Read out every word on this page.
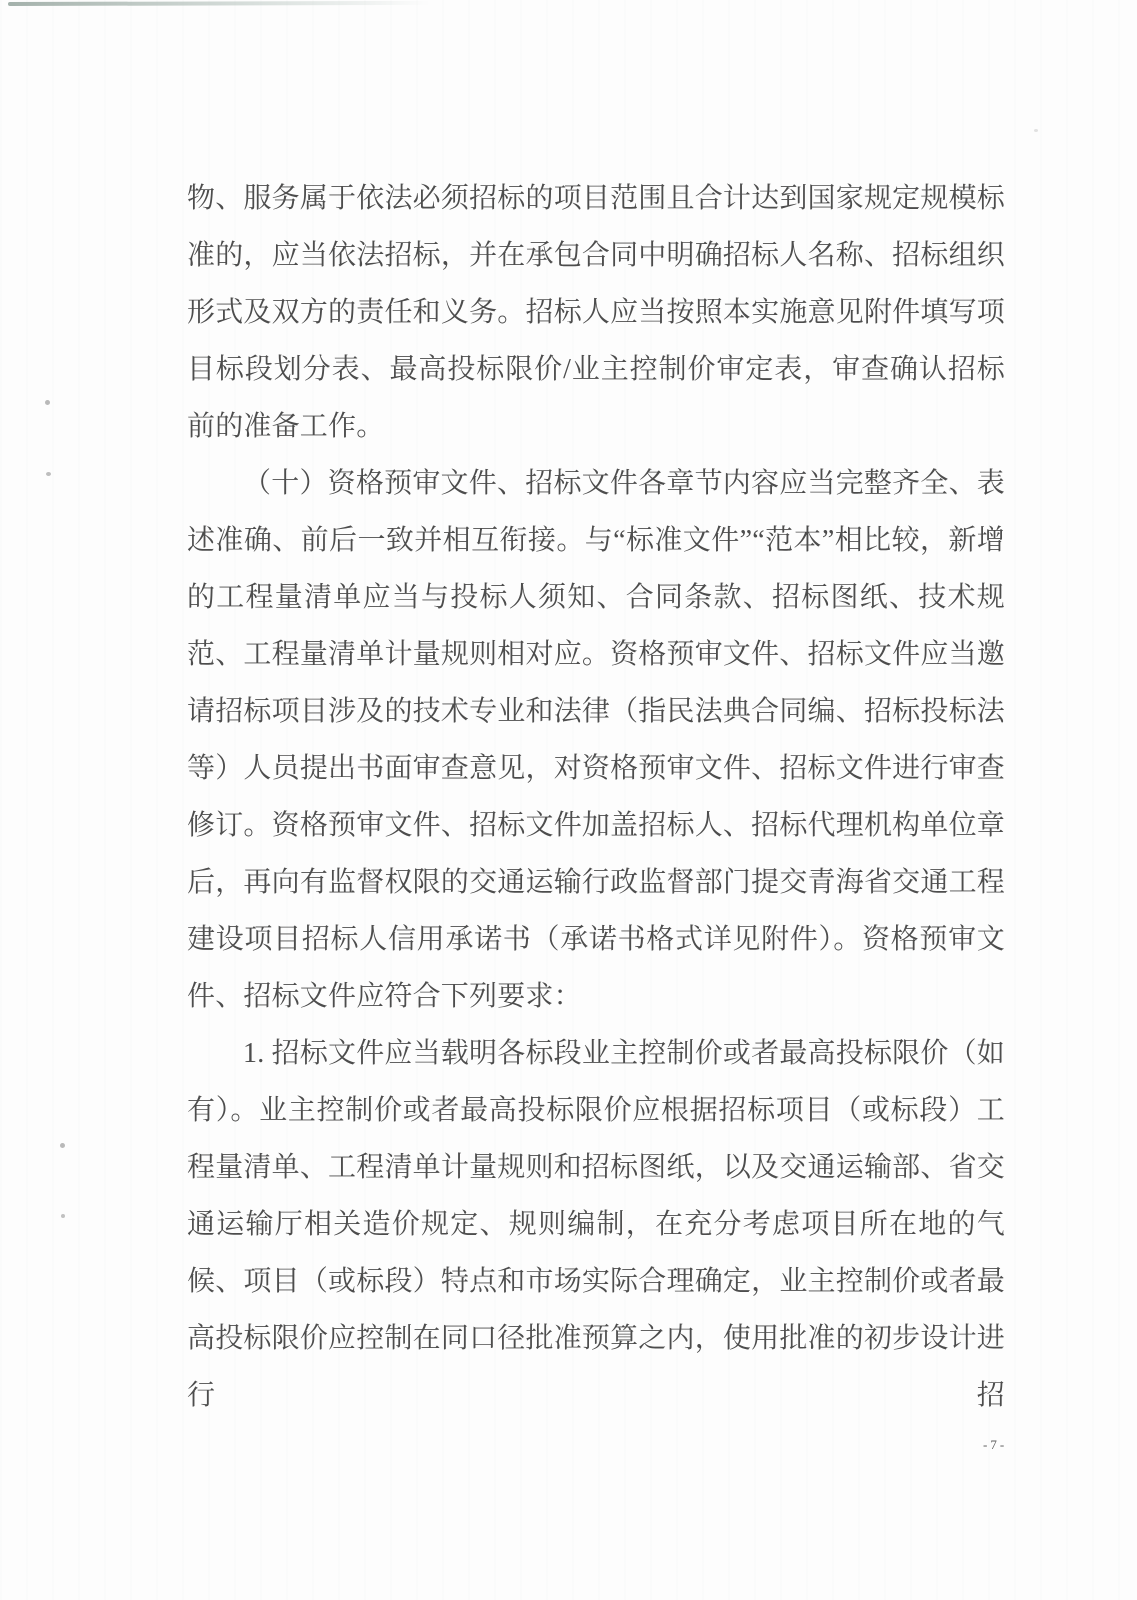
物、服务属于依法必须招标的项目范围且合计达到国家规定规模标准的，应当依法招标，并在承包合同中明确招标人名称、招标组织形式及双方的责任和义务。招标人应当按照本实施意见附件填写项目标段划分表、最高投标限价/业主控制价审定表，审查确认招标前的准备工作。

（十）资格预审文件、招标文件各章节内容应当完整齐全、表述准确、前后一致并相互衔接。与“标准文件”“范本”相比较，新增的工程量清单应当与投标人须知、合同条款、招标图纸、技术规范、工程量清单计量规则相对应。资格预审文件、招标文件应当邀请招标项目涉及的技术专业和法律（指民法典合同编、招标投标法等）人员提出书面审查意见，对资格预审文件、招标文件进行审查修订。资格预审文件、招标文件加盖招标人、招标代理机构单位章后，再向有监督权限的交通运输行政监督部门提交青海省交通工程建设项目招标人信用承诺书（承诺书格式详见附件）。资格预审文件、招标文件应符合下列要求：

1. 招标文件应当载明各标段业主控制价或者最高投标限价（如有）。业主控制价或者最高投标限价应根据招标项目（或标段）工程量清单、工程清单计量规则和招标图纸，以及交通运输部、省交通运输厅相关造价规定、规则编制，在充分考虑项目所在地的气候、项目（或标段）特点和市场实际合理确定，业主控制价或者最高投标限价应控制在同口径批准预算之内，使用批准的初步设计进行招

-7-
